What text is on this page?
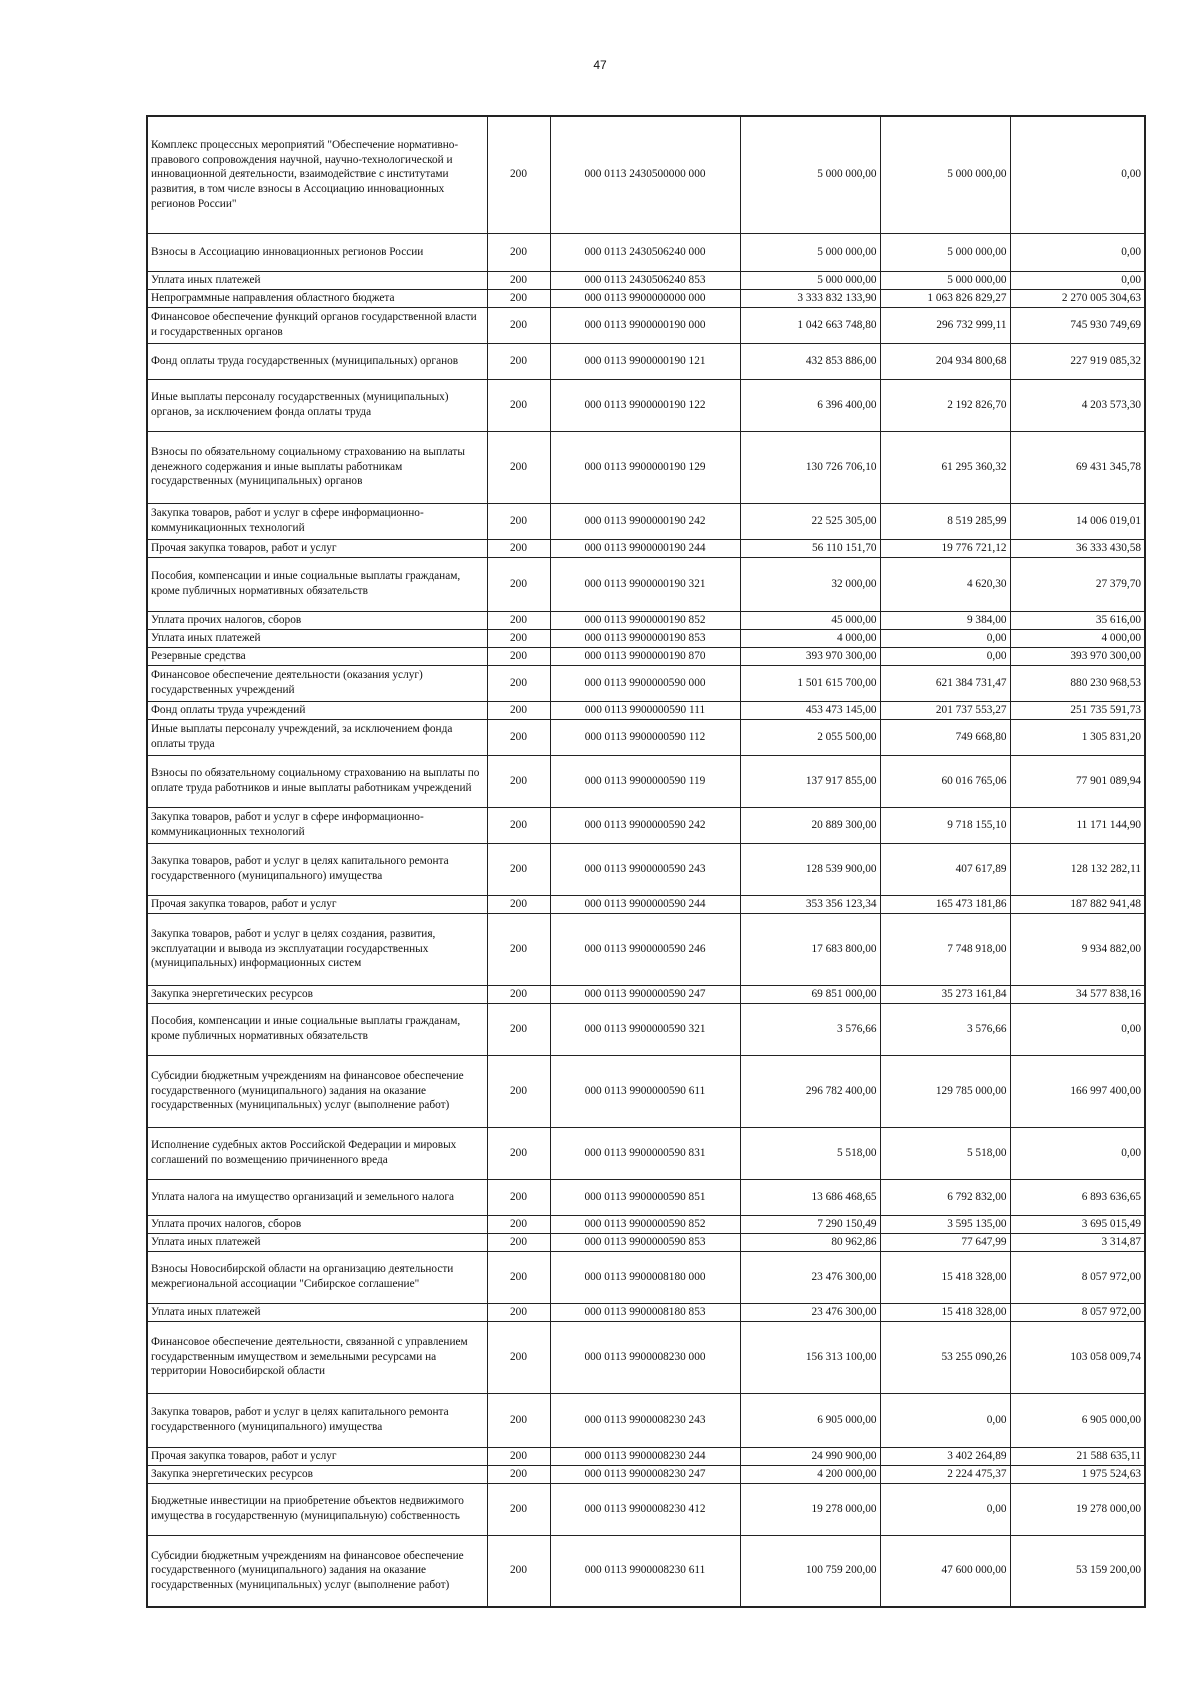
47
Комплекс процессных мероприятий "Обеспечение нормативно-правового сопровождения научной, научно-технологической и инновационной деятельности, взаимодействие с институтами развития, в том числе взносы в Ассоциацию инновационных регионов России"	200	000 0113 2430500000 000	5 000 000,00	5 000 000,00	0,00
Взносы в Ассоциацию инновационных регионов России	200	000 0113 2430506240 000	5 000 000,00	5 000 000,00	0,00
Уплата иных платежей	200	000 0113 2430506240 853	5 000 000,00	5 000 000,00	0,00
Непрограммные направления областного бюджета	200	000 0113 9900000000 000	3 333 832 133,90	1 063 826 829,27	2 270 005 304,63
Финансовое обеспечение функций органов государственной власти и государственных органов	200	000 0113 9900000190 000	1 042 663 748,80	296 732 999,11	745 930 749,69
Фонд оплаты труда государственных (муниципальных) органов	200	000 0113 9900000190 121	432 853 886,00	204 934 800,68	227 919 085,32
Иные выплаты персоналу государственных (муниципальных) органов, за исключением фонда оплаты труда	200	000 0113 9900000190 122	6 396 400,00	2 192 826,70	4 203 573,30
Взносы по обязательному социальному страхованию на выплаты денежного содержания и иные выплаты работникам государственных (муниципальных) органов	200	000 0113 9900000190 129	130 726 706,10	61 295 360,32	69 431 345,78
Закупка товаров, работ и услуг в сфере информационно-коммуникационных технологий	200	000 0113 9900000190 242	22 525 305,00	8 519 285,99	14 006 019,01
Прочая закупка товаров, работ и услуг	200	000 0113 9900000190 244	56 110 151,70	19 776 721,12	36 333 430,58
Пособия, компенсации и иные социальные выплаты гражданам, кроме публичных нормативных обязательств	200	000 0113 9900000190 321	32 000,00	4 620,30	27 379,70
Уплата прочих налогов, сборов	200	000 0113 9900000190 852	45 000,00	9 384,00	35 616,00
Уплата иных платежей	200	000 0113 9900000190 853	4 000,00	0,00	4 000,00
Резервные средства	200	000 0113 9900000190 870	393 970 300,00	0,00	393 970 300,00
Финансовое обеспечение деятельности (оказания услуг) государственных учреждений	200	000 0113 9900000590 000	1 501 615 700,00	621 384 731,47	880 230 968,53
Фонд оплаты труда учреждений	200	000 0113 9900000590 111	453 473 145,00	201 737 553,27	251 735 591,73
Иные выплаты персоналу учреждений, за исключением фонда оплаты труда	200	000 0113 9900000590 112	2 055 500,00	749 668,80	1 305 831,20
Взносы по обязательному социальному страхованию на выплаты по оплате труда работников и иные выплаты работникам учреждений	200	000 0113 9900000590 119	137 917 855,00	60 016 765,06	77 901 089,94
Закупка товаров, работ и услуг в сфере информационно-коммуникационных технологий	200	000 0113 9900000590 242	20 889 300,00	9 718 155,10	11 171 144,90
Закупка товаров, работ и услуг в целях капитального ремонта государственного (муниципального) имущества	200	000 0113 9900000590 243	128 539 900,00	407 617,89	128 132 282,11
Прочая закупка товаров, работ и услуг	200	000 0113 9900000590 244	353 356 123,34	165 473 181,86	187 882 941,48
Закупка товаров, работ и услуг в целях создания, развития, эксплуатации и вывода из эксплуатации государственных (муниципальных) информационных систем	200	000 0113 9900000590 246	17 683 800,00	7 748 918,00	9 934 882,00
Закупка энергетических ресурсов	200	000 0113 9900000590 247	69 851 000,00	35 273 161,84	34 577 838,16
Пособия, компенсации и иные социальные выплаты гражданам, кроме публичных нормативных обязательств	200	000 0113 9900000590 321	3 576,66	3 576,66	0,00
Субсидии бюджетным учреждениям на финансовое обеспечение государственного (муниципального) задания на оказание государственных (муниципальных) услуг (выполнение работ)	200	000 0113 9900000590 611	296 782 400,00	129 785 000,00	166 997 400,00
Исполнение судебных актов Российской Федерации и мировых соглашений по возмещению причиненного вреда	200	000 0113 9900000590 831	5 518,00	5 518,00	0,00
Уплата налога на имущество организаций и земельного налога	200	000 0113 9900000590 851	13 686 468,65	6 792 832,00	6 893 636,65
Уплата прочих налогов, сборов	200	000 0113 9900000590 852	7 290 150,49	3 595 135,00	3 695 015,49
Уплата иных платежей	200	000 0113 9900000590 853	80 962,86	77 647,99	3 314,87
Взносы Новосибирской области на организацию деятельности межрегиональной ассоциации "Сибирское соглашение"	200	000 0113 9900008180 000	23 476 300,00	15 418 328,00	8 057 972,00
Уплата иных платежей	200	000 0113 9900008180 853	23 476 300,00	15 418 328,00	8 057 972,00
Финансовое обеспечение деятельности, связанной с управлением государственным имуществом и земельными ресурсами на территории Новосибирской области	200	000 0113 9900008230 000	156 313 100,00	53 255 090,26	103 058 009,74
Закупка товаров, работ и услуг в целях капитального ремонта государственного (муниципального) имущества	200	000 0113 9900008230 243	6 905 000,00	0,00	6 905 000,00
Прочая закупка товаров, работ и услуг	200	000 0113 9900008230 244	24 990 900,00	3 402 264,89	21 588 635,11
Закупка энергетических ресурсов	200	000 0113 9900008230 247	4 200 000,00	2 224 475,37	1 975 524,63
Бюджетные инвестиции на приобретение объектов недвижимого имущества в государственную (муниципальную) собственность	200	000 0113 9900008230 412	19 278 000,00	0,00	19 278 000,00
Субсидии бюджетным учреждениям на финансовое обеспечение государственного (муниципального) задания на оказание государственных (муниципальных) услуг (выполнение работ)	200	000 0113 9900008230 611	100 759 200,00	47 600 000,00	53 159 200,00
